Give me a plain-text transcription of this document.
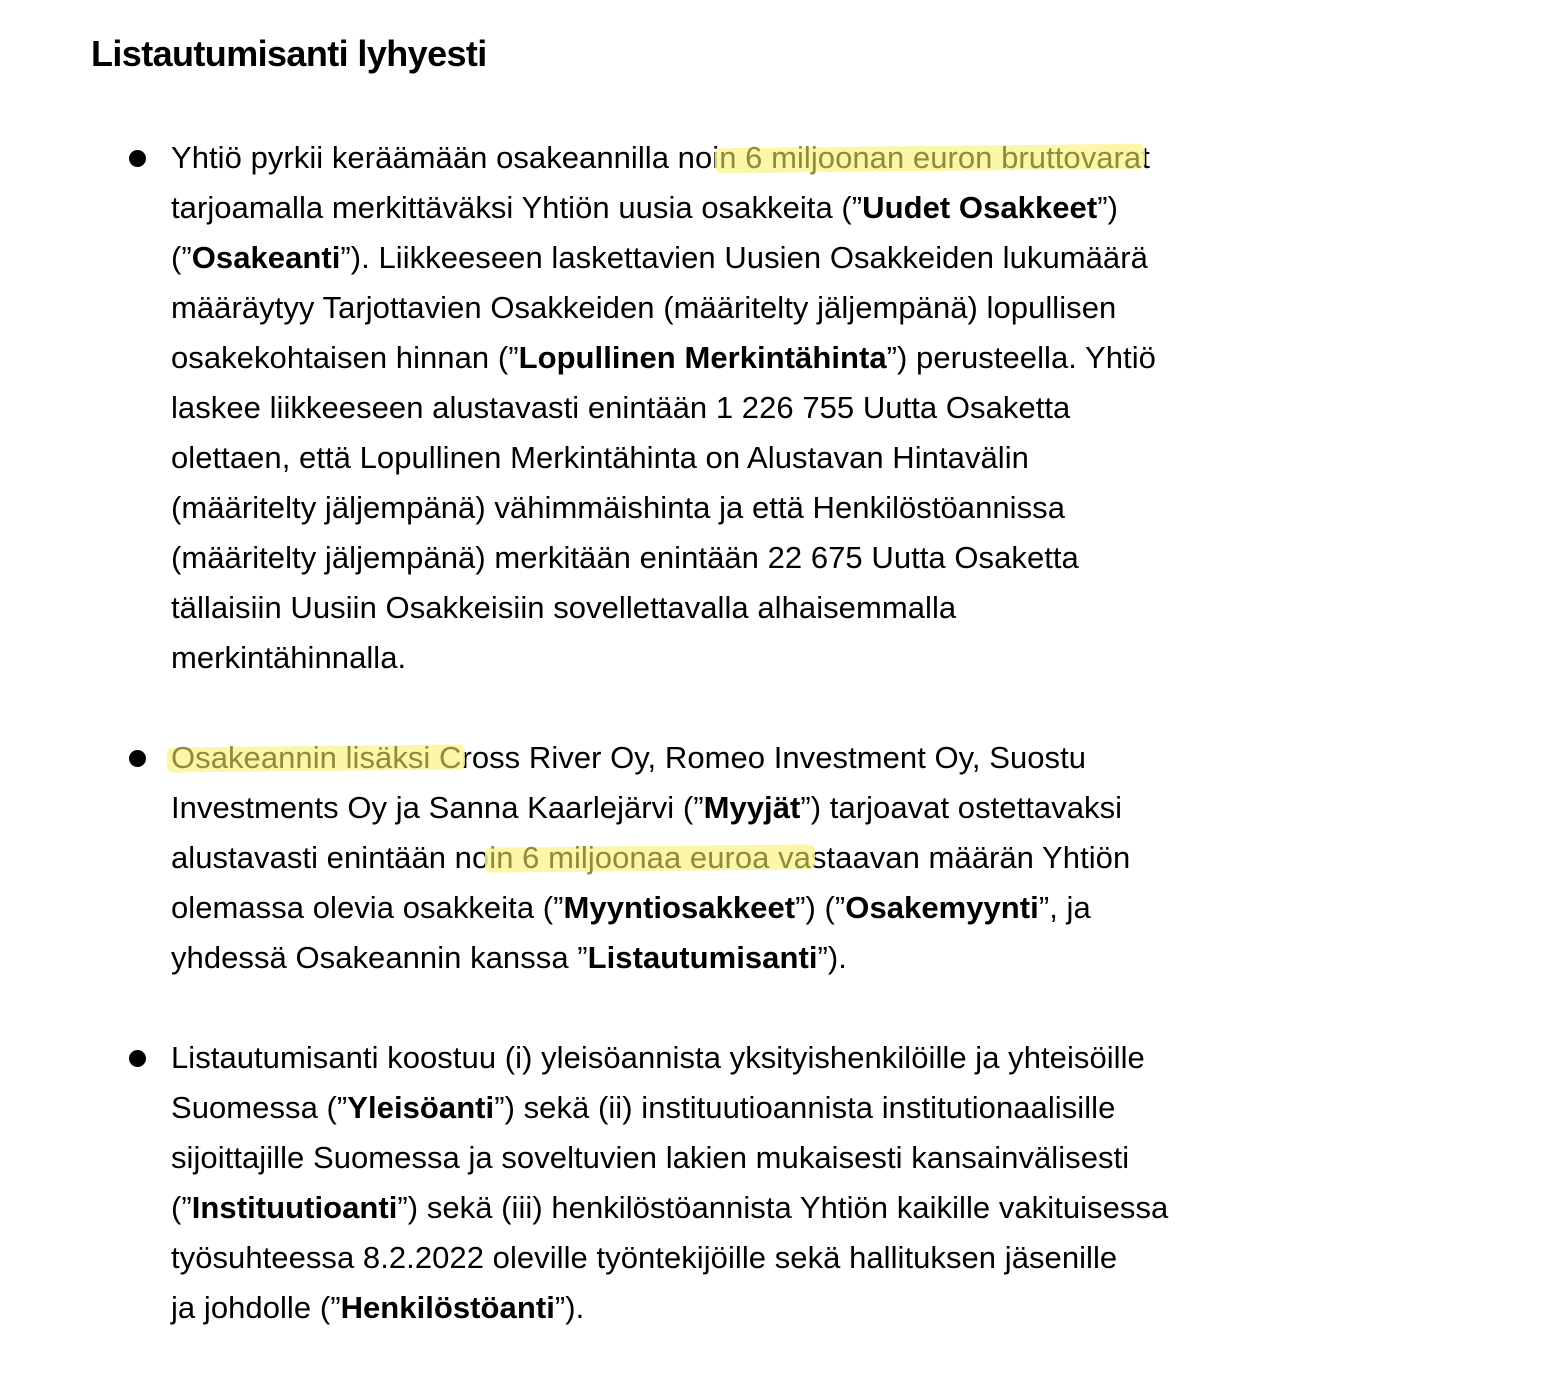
Listautumisanti lyhyesti
Yhtiö pyrkii keräämään osakeannilla noin 6 miljoonan euron bruttovarat
tarjoamalla merkittäväksi Yhtiön uusia osakkeita (”Uudet Osakkeet”)
(”Osakeanti”). Liikkeeseen laskettavien Uusien Osakkeiden lukumäärä
määräytyy Tarjottavien Osakkeiden (määritelty jäljempänä) lopullisen
osakekohtaisen hinnan (”Lopullinen Merkintähinta”) perusteella. Yhtiö
laskee liikkeeseen alustavasti enintään 1 226 755 Uutta Osaketta
olettaen, että Lopullinen Merkintähinta on Alustavan Hintavälin
(määritelty jäljempänä) vähimmäishinta ja että Henkilöstöannissa
(määritelty jäljempänä) merkitään enintään 22 675 Uutta Osaketta
tällaisiin Uusiin Osakkeisiin sovellettavalla alhaisemmalla
merkintähinnalla.
Osakeannin lisäksi Cross River Oy, Romeo Investment Oy, Suostu
Investments Oy ja Sanna Kaarlejärvi (”Myyjät”) tarjoavat ostettavaksi
alustavasti enintään noin 6 miljoonaa euroa vastaavan määrän Yhtiön
olemassa olevia osakkeita (”Myyntiosakkeet”) (”Osakemyynti”, ja
yhdessä Osakeannin kanssa ”Listautumisanti”).
Listautumisanti koostuu (i) yleisöannista yksityishenkilöille ja yhteisöille
Suomessa (”Yleisöanti”) sekä (ii) instituutioannista institutionaalisille
sijoittajille Suomessa ja soveltuvien lakien mukaisesti kansainvälisesti
(”Instituutioanti”) sekä (iii) henkilöstöannista Yhtiön kaikille vakituisessa
työsuhteessa 8.2.2022 oleville työntekijöille sekä hallituksen jäsenille
ja johdolle (”Henkilöstöanti”).
